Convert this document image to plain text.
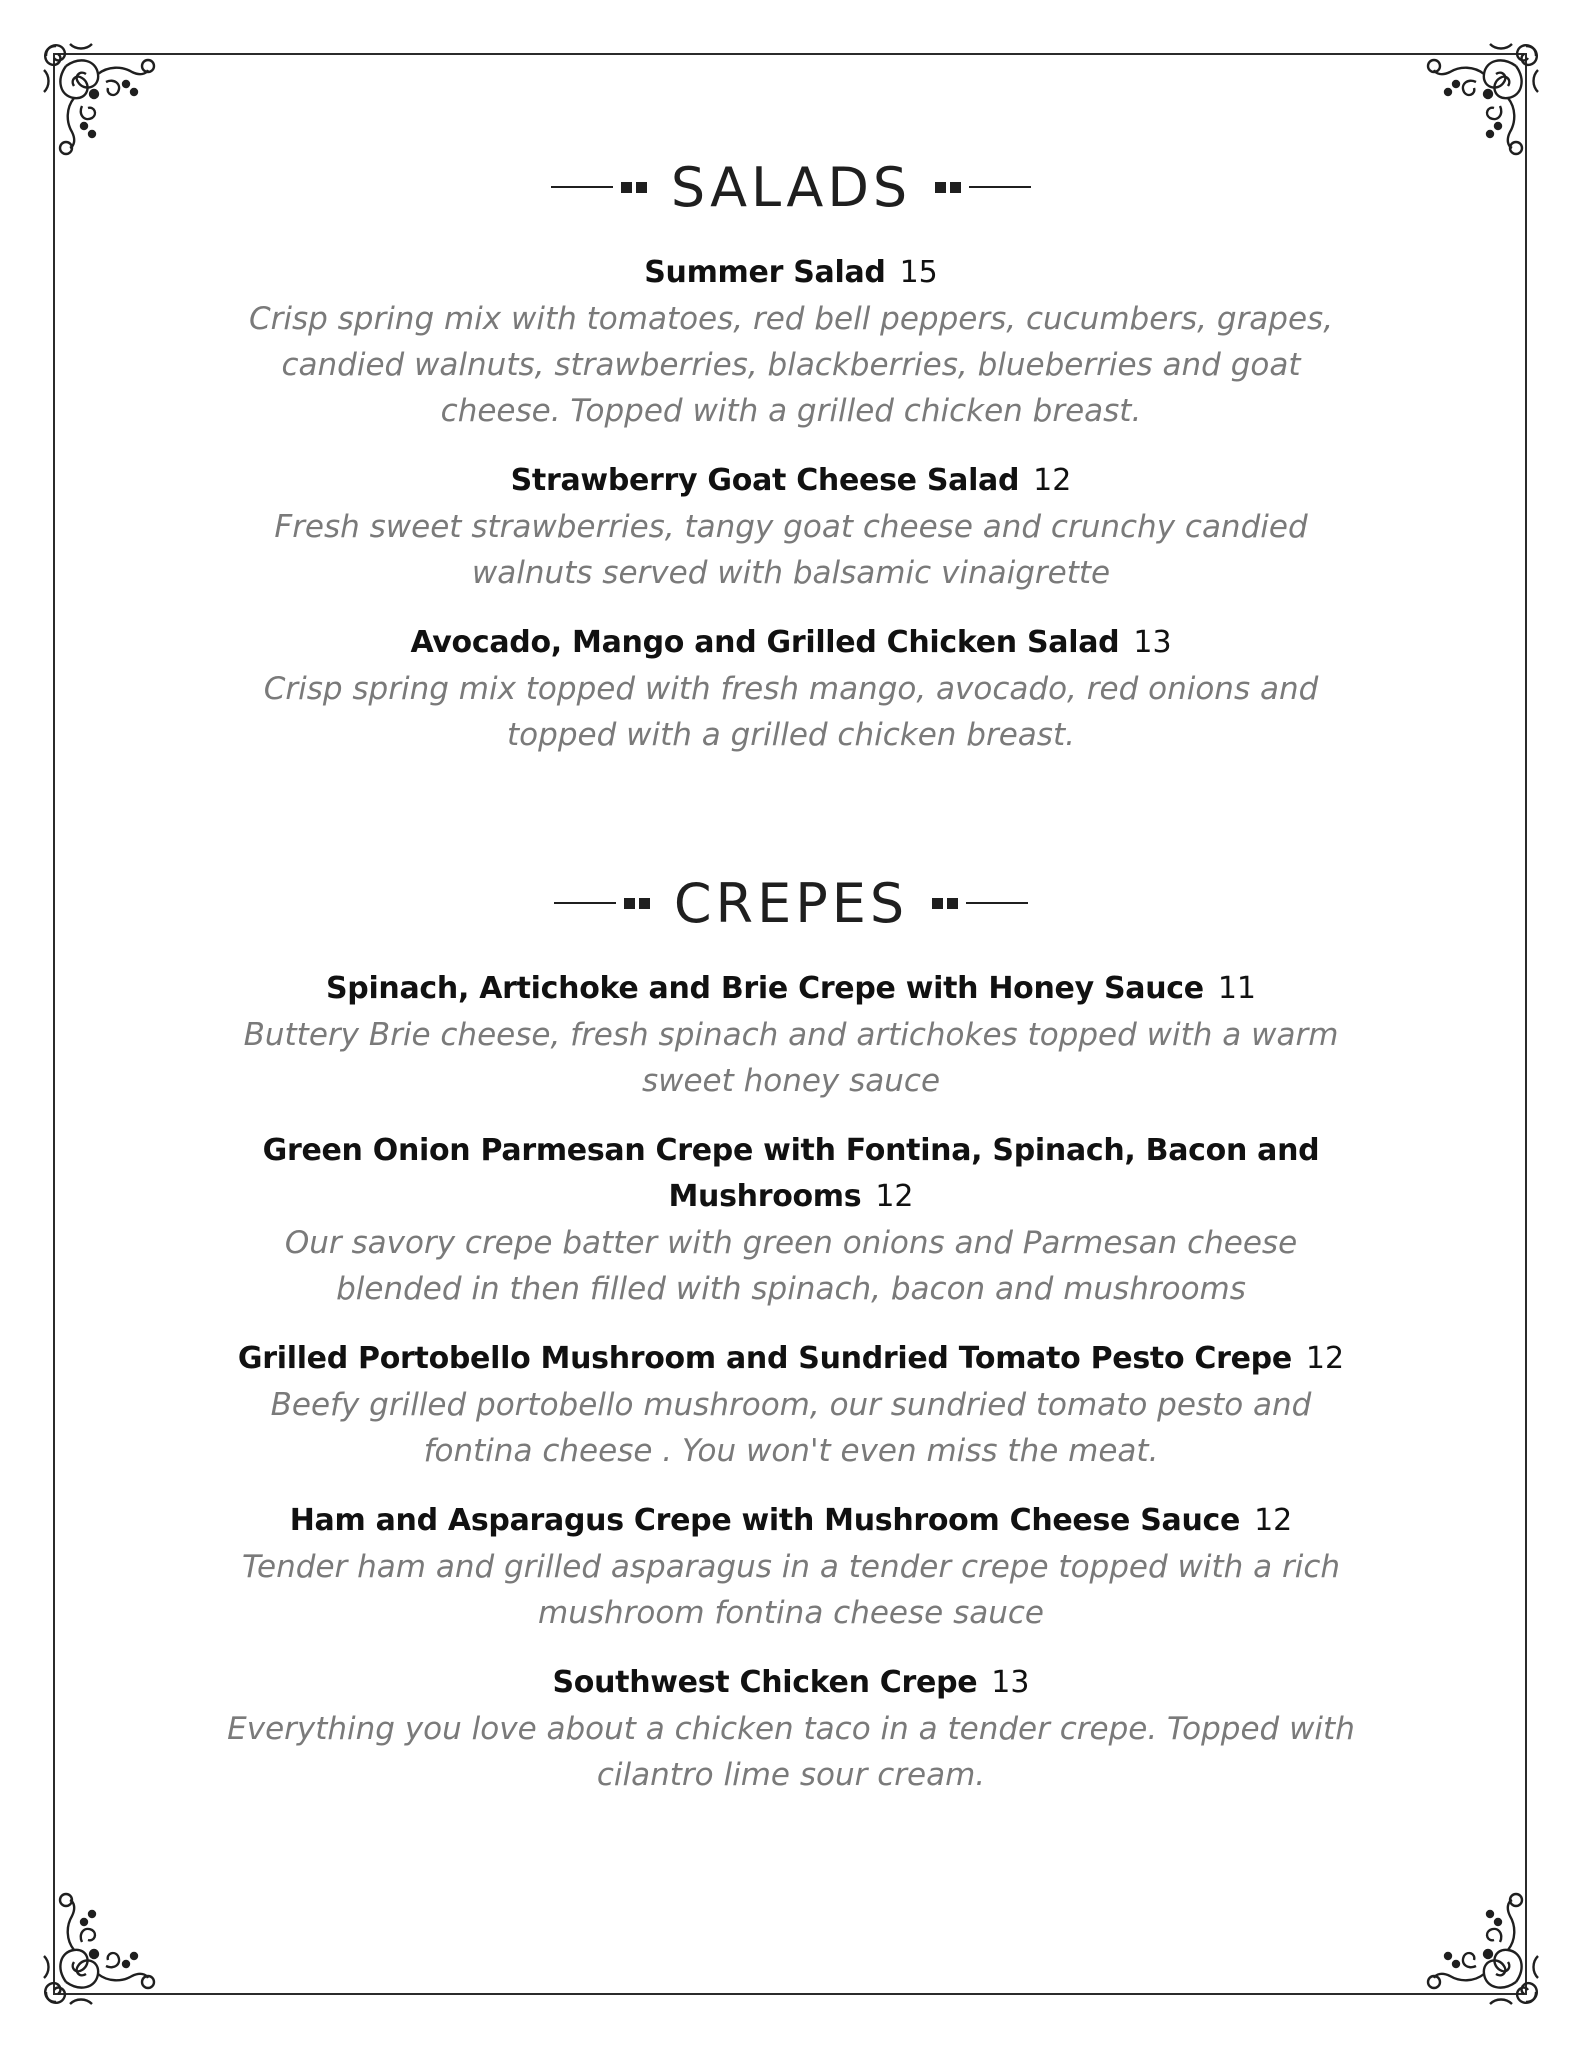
SALADS
Summer Salad 15
Crisp spring mix with tomatoes, red bell peppers, cucumbers, grapes, candied walnuts, strawberries, blackberries, blueberries and goat cheese. Topped with a grilled chicken breast.
Strawberry Goat Cheese Salad 12
Fresh sweet strawberries, tangy goat cheese and crunchy candied walnuts served with balsamic vinaigrette
Avocado, Mango and Grilled Chicken Salad 13
Crisp spring mix topped with fresh mango, avocado, red onions and topped with a grilled chicken breast.
CREPES
Spinach, Artichoke and Brie Crepe with Honey Sauce 11
Buttery Brie cheese, fresh spinach and artichokes topped with a warm sweet honey sauce
Green Onion Parmesan Crepe with Fontina, Spinach, Bacon and Mushrooms 12
Our savory crepe batter with green onions and Parmesan cheese blended in then filled with spinach, bacon and mushrooms
Grilled Portobello Mushroom and Sundried Tomato Pesto Crepe 12
Beefy grilled portobello mushroom, our sundried tomato pesto and fontina cheese . You won't even miss the meat.
Ham and Asparagus Crepe with Mushroom Cheese Sauce 12
Tender ham and grilled asparagus in a tender crepe topped with a rich mushroom fontina cheese sauce
Southwest Chicken Crepe 13
Everything you love about a chicken taco in a tender crepe. Topped with cilantro lime sour cream.
